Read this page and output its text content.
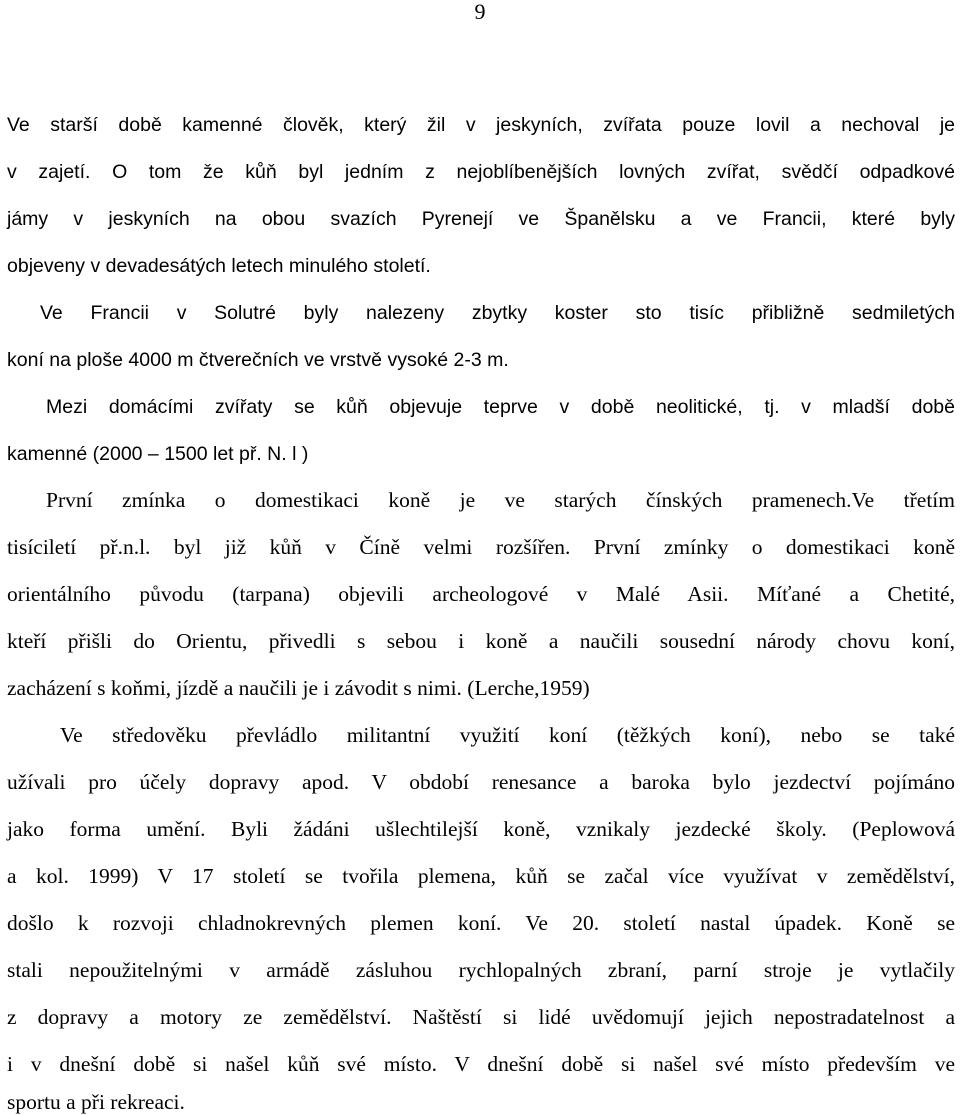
9
Ve starší době kamenné člověk, který žil v jeskyních, zvířata pouze lovil a nechoval je
v zajetí. O tom že kůň byl jedním z nejoblíbenějších lovných zvířat, svědčí odpadkové
jámy v jeskyních na obou svazích Pyrenejí ve Španělsku a ve Francii, které byly
objeveny v devadesátých letech minulého století.
Ve Francii v Solutré byly nalezeny zbytky koster sto tisíc přibližně sedmiletých
koní na ploše 4000 m čtverečních ve vrstvě vysoké 2-3 m.
Mezi domácími zvířaty se kůň objevuje teprve v době neolitické, tj. v mladší době
kamenné (2000 – 1500 let př. N. l )
První zmínka o domestikaci koně je ve starých čínských pramenech.Ve třetím
tisíciletí př.n.l. byl již kůň v Číně velmi rozšířen. První zmínky o domestikaci koně
orientálního původu (tarpana) objevili archeologové v Malé Asii. Míťané a Chetité,
kteří přišli do Orientu, přivedli s sebou i koně a naučili sousední národy chovu koní,
zacházení s koňmi, jízdě a naučili je i závodit s nimi. (Lerche,1959)
Ve středověku převládlo militantní využití koní (těžkých koní), nebo se také
užívali pro účely dopravy apod. V období renesance a baroka bylo jezdectví pojímáno
jako forma umění. Byli žádáni ušlechtilejší koně, vznikaly jezdecké školy. (Peplowová
a kol. 1999) V 17 století se tvořila plemena, kůň se začal více využívat v zemědělství,
došlo k rozvoji chladnokrevných plemen koní. Ve 20. století nastal úpadek. Koně se
stali nepoužitelnými v armádě zásluhou rychlopalných zbraní, parní stroje je vytlačily
z dopravy a motory ze zemědělství. Naštěstí si lidé uvědomují jejich nepostradatelnost a
i v dnešní době si našel kůň své místo. V dnešní době si našel své místo především ve
sportu a při rekreaci.
